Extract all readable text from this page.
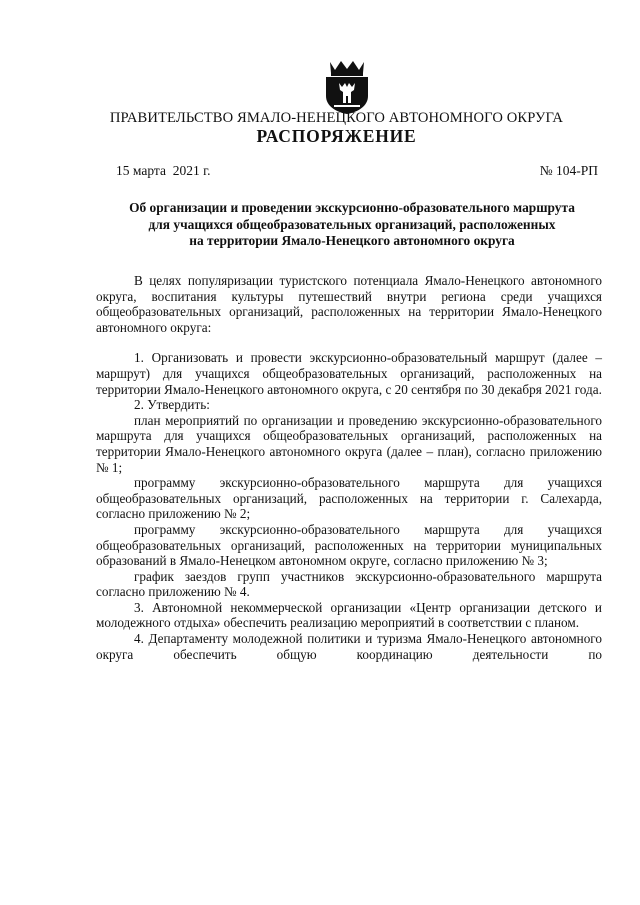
ПРАВИТЕЛЬСТВО ЯМАЛО-НЕНЕЦКОГО АВТОНОМНОГО ОКРУГА
РАСПОРЯЖЕНИЕ
15 марта  2021 г.	№ 104-РП
Об организации и проведении экскурсионно-образовательного маршрута
для учащихся общеобразовательных организаций, расположенных
на территории Ямало-Ненецкого автономного округа

В целях популяризации туристского потенциала Ямало-Ненецкого автономного округа, воспитания культуры путешествий внутри региона среди учащихся общеобразовательных организаций, расположенных на территории Ямало-Ненецкого автономного округа:

1. Организовать и провести экскурсионно-образовательный маршрут (далее – маршрут) для учащихся общеобразовательных организаций, расположенных на территории Ямало-Ненецкого автономного округа, с 20 сентября по 30 декабря 2021 года.

2. Утвердить:

план мероприятий по организации и проведению экскурсионно-образовательного маршрута для учащихся общеобразовательных организаций, расположенных на территории Ямало-Ненецкого автономного округа (далее – план), согласно приложению № 1;

программу экскурсионно-образовательного маршрута для учащихся общеобразовательных организаций, расположенных на территории г. Салехарда, согласно приложению № 2;

программу экскурсионно-образовательного маршрута для учащихся общеобразовательных организаций, расположенных на территории муниципальных образований в Ямало-Ненецком автономном округе, согласно приложению № 3;

график заездов групп участников экскурсионно-образовательного маршрута согласно приложению № 4.

3. Автономной некоммерческой организации «Центр организации детского и молодежного отдыха» обеспечить реализацию мероприятий в соответствии с планом.

4. Департаменту молодежной политики и туризма Ямало-Ненецкого автономного округа обеспечить общую координацию деятельности по
